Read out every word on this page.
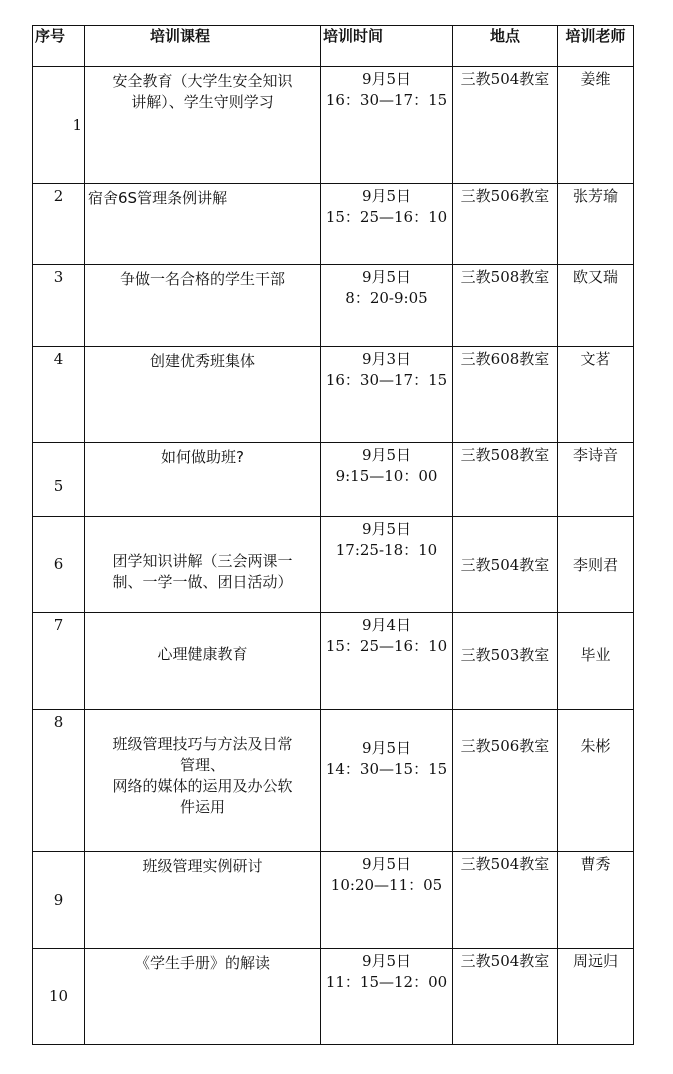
序号	培训课程	培训时间	地点	培训老师
1	安全教育（大学生安全知识
讲解）、学生守则学习	9月5日
16：30—17：15	三教504教室	姜维
2	宿舍6S管理条例讲解	9月5日
15：25—16：10	三教506教室	张芳瑜
3	争做一名合格的学生干部	9月5日
8：20-9:05	三教508教室	欧又瑞
4	创建优秀班集体	9月3日
16：30—17：15	三教608教室	文茗
5	如何做助班?	9月5日
9:15—10：00	三教508教室	李诗音
6	团学知识讲解（三会两课一
制、一学一做、团日活动）	9月5日
17:25-18：10	三教504教室	李则君
7	心理健康教育	9月4日
15：25—16：10	三教503教室	毕业
8	班级管理技巧与方法及日常
管理、
网络的媒体的运用及办公软
件运用	9月5日
14：30—15：15	三教506教室	朱彬
9	班级管理实例研讨	9月5日
10:20—11：05	三教504教室	曹秀
10	《学生手册》的解读	9月5日
11：15—12：00	三教504教室	周远归
